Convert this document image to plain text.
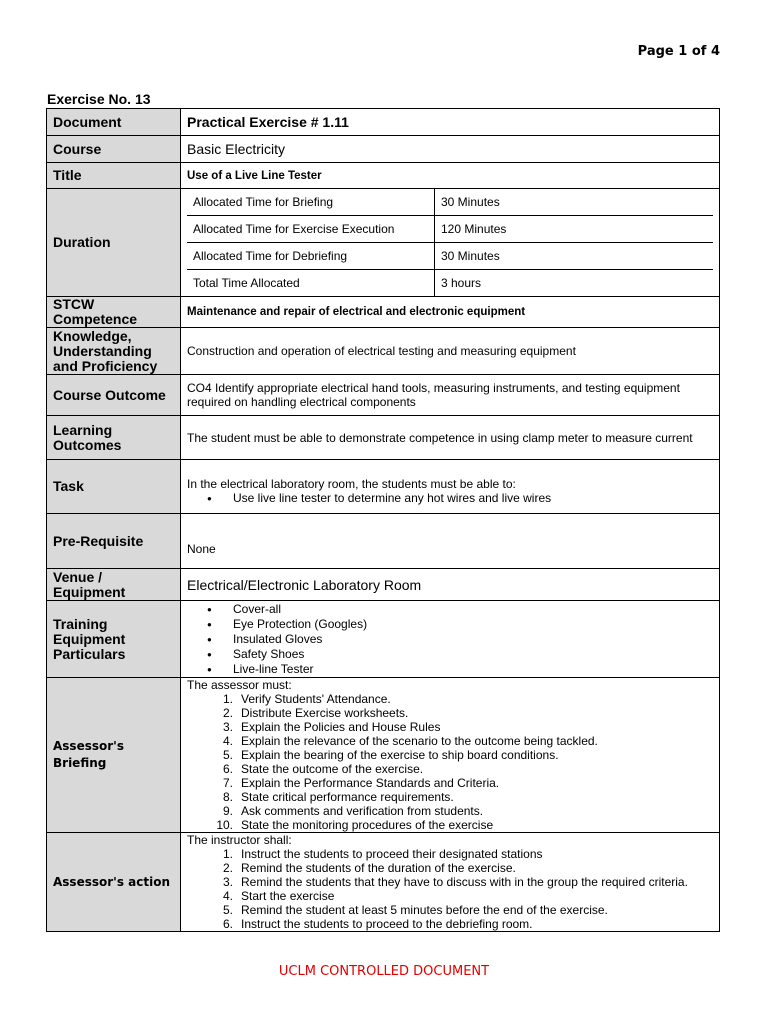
Page 1 of 4
Exercise No. 13
Document	Practical Exercise # 1.11
Course	Basic Electricity
Title	Use of a Live Line Tester
Duration	
Allocated Time for Briefing	30 Minutes
Allocated Time for Exercise Execution	120 Minutes
Allocated Time for Debriefing	30 Minutes
Total Time Allocated	3 hours

STCW Competence	Maintenance and repair of electrical and electronic equipment
Knowledge, Understanding and Proficiency	Construction and operation of electrical testing and measuring equipment
Course Outcome	CO4 Identify appropriate electrical hand tools, measuring instruments, and testing equipment required on handling electrical components
Learning Outcomes	The student must be able to demonstrate competence in using clamp meter to measure current
Task	In the electrical laboratory room, the students must be able to:
● Use live line tester to determine any hot wires and live wires

Pre-Requisite	None
Venue / Equipment	Electrical/Electronic Laboratory Room
Training Equipment Particulars	
● Cover-all
● Eye Protection (Googles)
● Insulated Gloves
● Safety Shoes
● Live-line Tester

Assessor's Briefing	
The assessor must:
1. Verify Students' Attendance.
2. Distribute Exercise worksheets.
3. Explain the Policies and House Rules
4. Explain the relevance of the scenario to the outcome being tackled.
5. Explain the bearing of the exercise to ship board conditions.
6. State the outcome of the exercise.
7. Explain the Performance Standards and Criteria.
8. State critical performance requirements.
9. Ask comments and verification from students.
10. State the monitoring procedures of the exercise

Assessor's action	
The instructor shall:
1. Instruct the students to proceed their designated stations
2. Remind the students of the duration of the exercise.
3. Remind the students that they have to discuss with in the group the required criteria.
4. Start the exercise
5. Remind the student at least 5 minutes before the end of the exercise.
6. Instruct the students to proceed to the debriefing room.
UCLM CONTROLLED DOCUMENT
